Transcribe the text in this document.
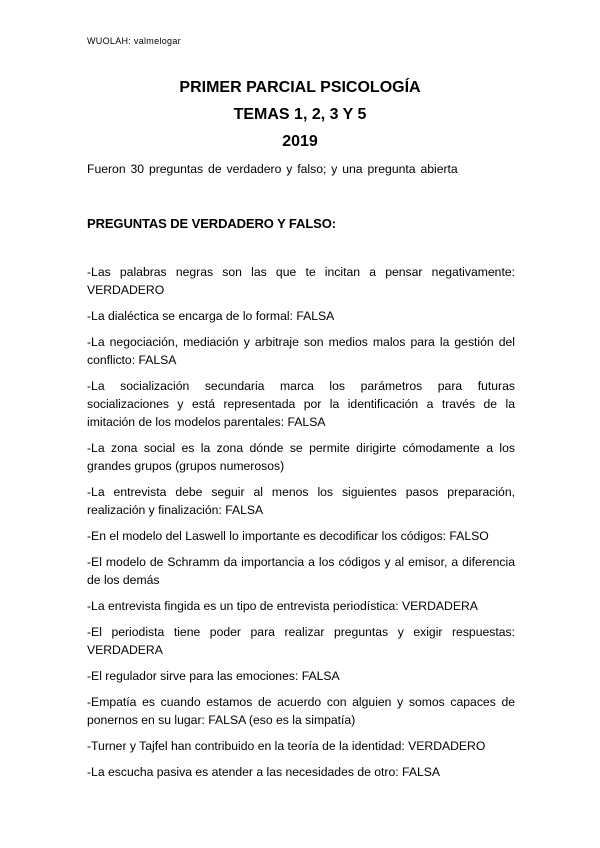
WUOLAH: valmelogar
PRIMER PARCIAL PSICOLOGÍA
TEMAS 1, 2, 3 Y 5
2019

Fueron 30 preguntas de verdadero y falso; y una pregunta abierta

PREGUNTAS DE VERDADERO Y FALSO:
-Las palabras negras son las que te incitan a pensar negativamente: VERDADERO
-La dialéctica se encarga de lo formal: FALSA
-La negociación, mediación y arbitraje son medios malos para la gestión del conflicto: FALSA
-La socialización secundaria marca los parámetros para futuras socializaciones y está representada por la identificación a través de la imitación de los modelos parentales: FALSA
-La zona social es la zona dónde se permite dirigirte cómodamente a los grandes grupos (grupos numerosos)
-La entrevista debe seguir al menos los siguientes pasos preparación, realización y finalización: FALSA
-En el modelo del Laswell lo importante es decodificar los códigos: FALSO
-El modelo de Schramm da importancia a los códigos y al emisor, a diferencia de los demás
-La entrevista fingida es un tipo de entrevista periodística: VERDADERA
-El periodista tiene poder para realizar preguntas y exigir respuestas: VERDADERA
-El regulador sirve para las emociones: FALSA
-Empatía es cuando estamos de acuerdo con alguien y somos capaces de ponernos en su lugar: FALSA (eso es la simpatía)
-Turner y Tajfel han contribuido en la teoría de la identidad: VERDADERO
-La escucha pasiva es atender a las necesidades de otro: FALSA
